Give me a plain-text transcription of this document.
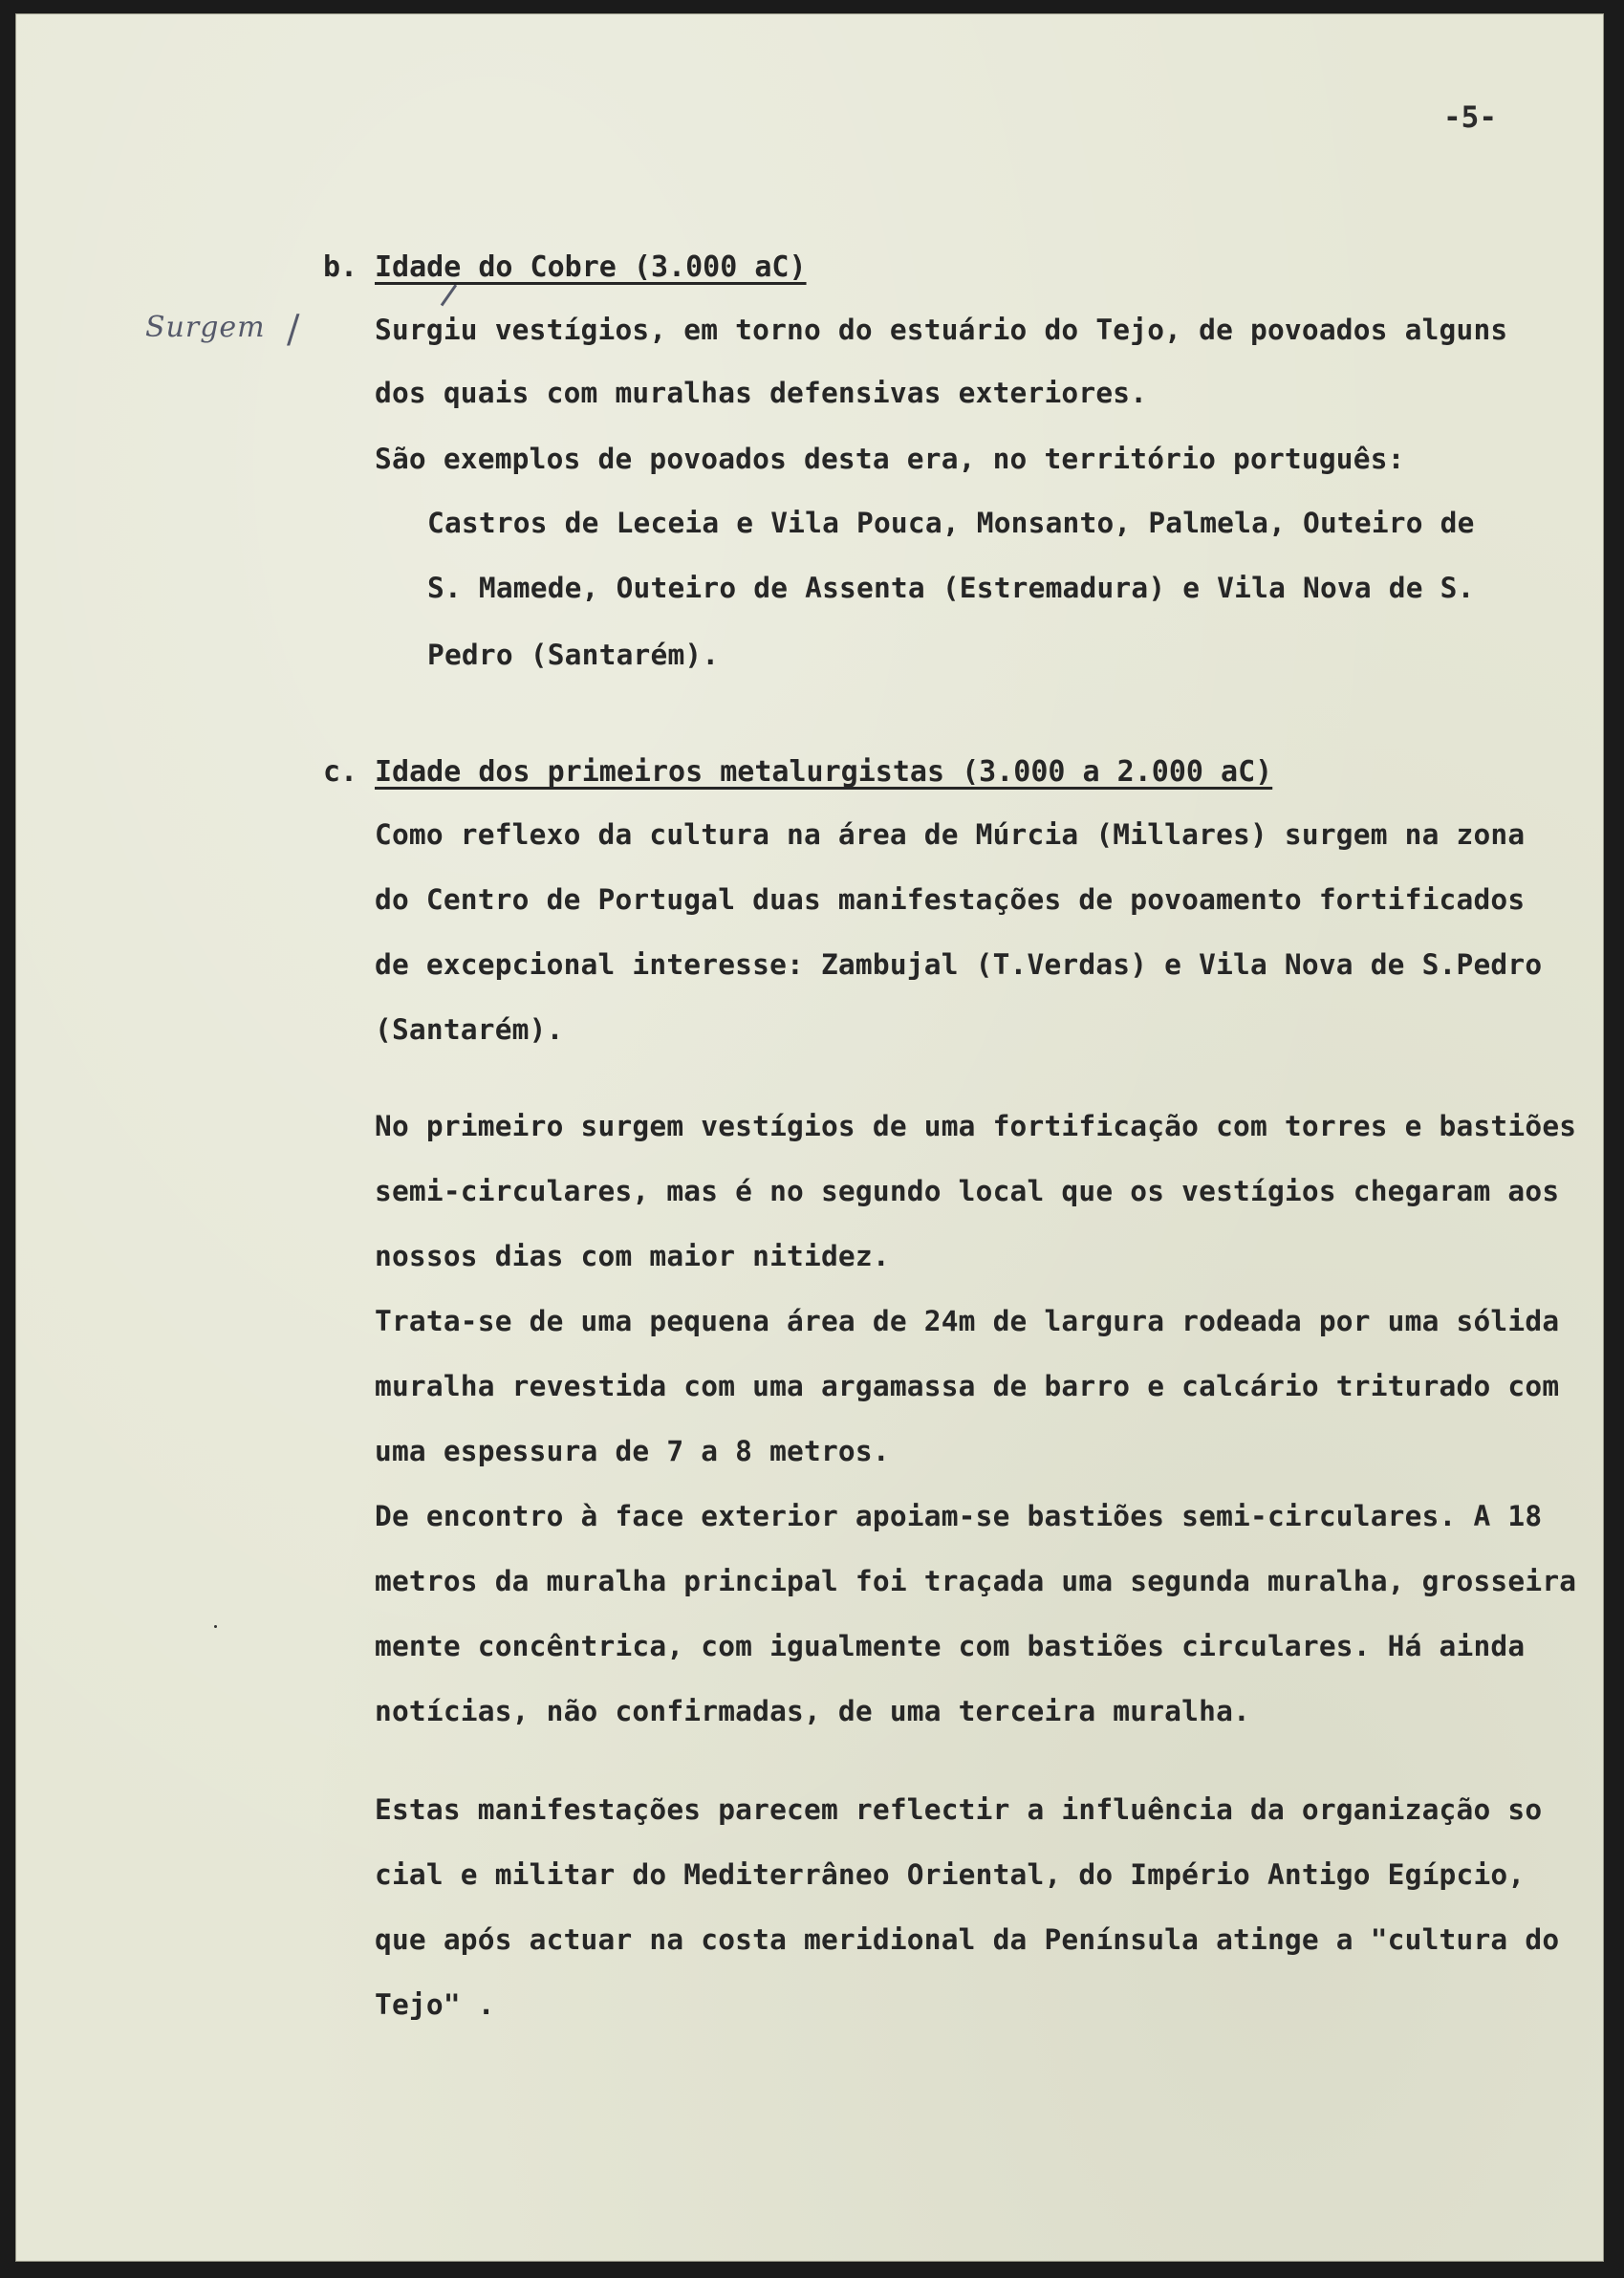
-5-
Surgem /
b. Idade do Cobre (3.000 aC)
Surgiu vestígios, em torno do estuário do Tejo, de povoados alguns
dos quais com muralhas defensivas exteriores.
São exemplos de povoados desta era, no território português:
Castros de Leceia e Vila Pouca, Monsanto, Palmela, Outeiro de
S. Mamede, Outeiro de Assenta (Estremadura) e Vila Nova de S.
Pedro (Santarém).
c. Idade dos primeiros metalurgistas (3.000 a 2.000 aC)
Como reflexo da cultura na área de Múrcia (Millares) surgem na zona
do Centro de Portugal duas manifestações de povoamento fortificados
de excepcional interesse: Zambujal (T.Verdas) e Vila Nova de S.Pedro
(Santarém).
No primeiro surgem vestígios de uma fortificação com torres e bastiões
semi-circulares, mas é no segundo local que os vestígios chegaram aos
nossos dias com maior nitidez.
Trata-se de uma pequena área de 24m de largura rodeada por uma sólida
muralha revestida com uma argamassa de barro e calcário triturado com
uma espessura de 7 a 8 metros.
De encontro à face exterior apoiam-se bastiões semi-circulares. A 18
metros da muralha principal foi traçada uma segunda muralha, grosseira
mente concêntrica, com igualmente com bastiões circulares. Há ainda
notícias, não confirmadas, de uma terceira muralha.
Estas manifestações parecem reflectir a influência da organização so
cial e militar do Mediterrâneo Oriental, do Império Antigo Egípcio,
que após actuar na costa meridional da Península atinge a "cultura do
Tejo" .
